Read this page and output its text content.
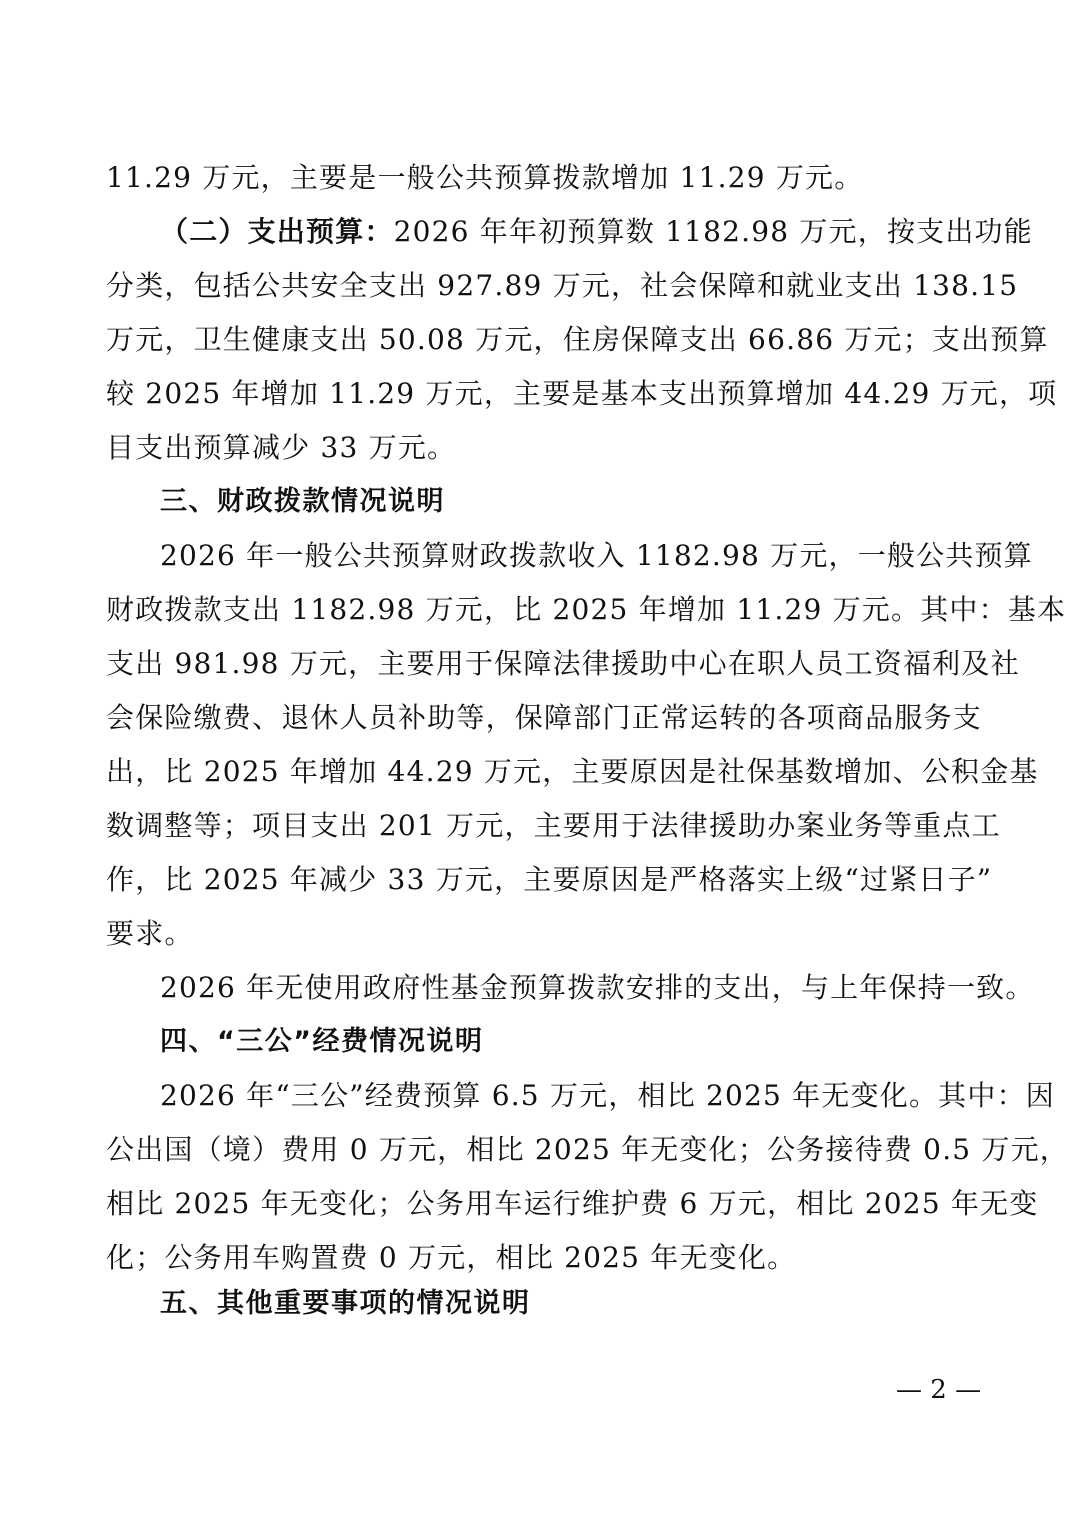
11.29 万元，主要是一般公共预算拨款增加 11.29 万元。
（二）支出预算：2026 年年初预算数 1182.98 万元，按支出功能
分类，包括公共安全支出 927.89 万元，社会保障和就业支出 138.15
万元，卫生健康支出 50.08 万元，住房保障支出 66.86 万元；支出预算
较 2025 年增加 11.29 万元，主要是基本支出预算增加 44.29 万元，项
目支出预算减少 33 万元。
三、财政拨款情况说明
2026 年一般公共预算财政拨款收入 1182.98 万元，一般公共预算
财政拨款支出 1182.98 万元，比 2025 年增加 11.29 万元。其中：基本
支出 981.98 万元，主要用于保障法律援助中心在职人员工资福利及社
会保险缴费、退休人员补助等，保障部门正常运转的各项商品服务支
出，比 2025 年增加 44.29 万元，主要原因是社保基数增加、公积金基
数调整等；项目支出 201 万元，主要用于法律援助办案业务等重点工
作，比 2025 年减少 33 万元，主要原因是严格落实上级“过紧日子”
要求。
2026 年无使用政府性基金预算拨款安排的支出，与上年保持一致。
四、“三公”经费情况说明
2026 年“三公”经费预算 6.5 万元，相比 2025 年无变化。其中：因
公出国（境）费用 0 万元，相比 2025 年无变化；公务接待费 0.5 万元，
相比 2025 年无变化；公务用车运行维护费 6 万元，相比 2025 年无变
化；公务用车购置费 0 万元，相比 2025 年无变化。
五、其他重要事项的情况说明
— 2 —
